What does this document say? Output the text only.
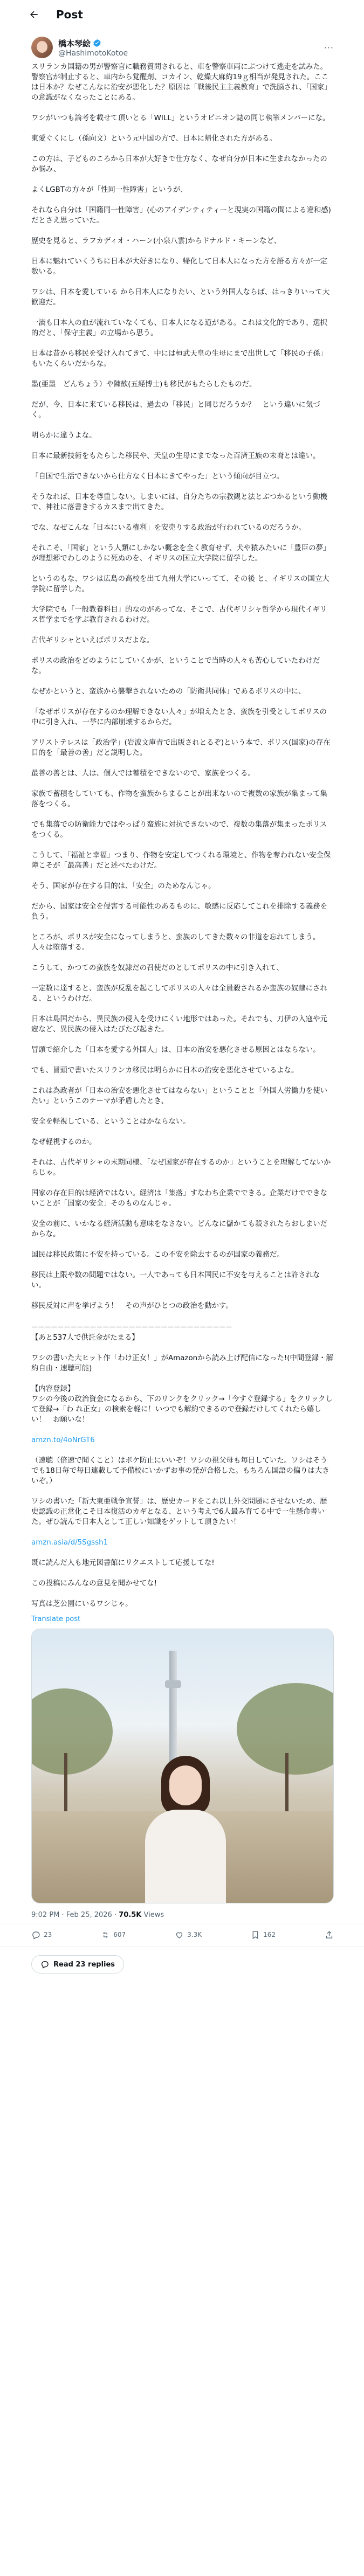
Post
橋本琴絵
@HashimotoKotoe
···
スリランカ国籍の男が警察官に職務質問されると、車を警察車両にぶつけて逃走を試みた。警察官が制止すると、車内から覚醒剤、コカイン、乾燥大麻約19ｇ相当が発見された。ここは日本か？なぜこんなに治安が悪化した？原因は「戦後民主主義教育」で洗脳され、「国家」の意識がなくなったことにある。
ワシがいつも論考を載せて頂いとる「WILL」というオピニオン誌の同じ執筆メンバーにな。
東愛ぐくにし（孫向文）という元中国の方で、日本に帰化された方がある。
この方は、子どものころから日本が大好きで仕方なく、なぜ自分が日本に生まれなかったのか悩み、
よくLGBTの方々が「性同一性障害」というが、
それなら自分は「国籍同一性障害」(心のアイデンティティーと現実の国籍の間による違和感)だとさえ思っていた。
歴史を見ると、ラフカディオ・ハーン(小泉八雲)からドナルド・キーンなど、
日本に魅れていくうちに日本が大好きになり、帰化して日本人になった方を語る方々が一定数いる。
ワシは、日本を愛している から日本人になりたい、という外国人ならば、はっきりいって大歓迎だ。
一滴も日本人の血が流れていなくても、日本人になる道がある。これは文化的であり、選択的だと、「保守主義」の立場から思う。
日本は昔から移民を受け入れてきて、中には桓武天皇の生母にまで出世して「移民の子孫」もいたくらいだからな。
墨(亜墨　どんちょう）や陳歓(五経博士)も移民がもたらしたものだ。
だが、今、日本に来ている移民は、過去の「移民」と同じだろうか？　という違いに気づく。
明らかに違うよな。
日本に最新技術をもたらした移民や、天皇の生母にまでなった百済王族の末裔とは違い。
「自国で生活できないから仕方なく日本にきてやった」という傾向が目立つ。
そうなれば、日本を尊重しない。しまいには、自分たちの宗教観と法とぶつかるという動機で、神社に落書きするカスまで出てきた。
でな、なぜこんな「日本にいる権利」を安売りする政治が行われているのだろうか。
それこそ、「国家」という人類にしかない概念を全く教育せず、犬や猿みたいに「豊臣の夢」が理想郷でわしのように死ぬのを、イギリスの国立大学院に留学した。
というのもな、ワシは広島の高校を出て九州大学にいってて、その後 と、イギリスの国立大学院に留学した。
大学院でも「一般教養科目」的なのがあってな、そこで、古代ギリシャ哲学から現代イギリス哲学までを学ぶ教育されるわけだ。
古代ギリシャといえばポリスだよな。
ポリスの政治をどのようにしていくかが、ということで当時の人々も苦心していたわけだな。
なぜかというと、蛮族から襲撃されないための「防衛共同体」であるポリスの中に、
「なぜポリスが存在するのか理解できない人々」が増えたとき、蛮族を引受としてポリスの中に引き入れ、一挙に内部崩壊するからだ。
アリストテレスは「政治学」(岩波文庫青で出版されとるぞ)という本で、ポリス(国家)の存在目的を「最善の善」だと説明した。
最善の善とは、人は、個人では蓄積をできないので、家族をつくる。
家族で蓄積をしていても、作物を蛮族からまることが出来ないので複数の家族が集まって集落をつくる。
でも集落での防衛能力ではやっぱり蛮族に対抗できないので、複数の集落が集まったポリスをつくる。
こうして、「福祉と幸福」つまり、作物を安定してつくれる環境と、作物を奪われない安全保障こそが「最高善」だと述べたわけだ。
そう、国家が存在する目的は、「安全」のためなんじゃ。
だから、国家は安全を侵害する可能性のあるものに、敏感に反応してこれを排除する義務を負う。
ところが、ポリスが安全になってしまうと、蛮族のしてきた数々の非道を忘れてしまう。人々は堕落する。
こうして、かつての蛮族を奴隷だの召使だのとしてポリスの中に引き入れて、
一定数に達すると、蛮族が反乱を起こしてポリスの人々は全員殺されるか蛮族の奴隷にされる、というわけだ。
日本は島国だから、異民族の侵入を受けにくい地形ではあった。それでも、刀伊の入寇や元寇など、異民族の侵入はたびたび起きた。
冒頭で紹介した「日本を愛する外国人」は、日本の治安を悪化させる原因とはならない。
でも、冒頭で書いたスリランカ移民は明らかに日本の治安を悪化させているよな。
これは為政者が「日本の治安を悪化させてはならない」ということと「外国人労働力を使いたい」というこのテーマが矛盾したとき、
安全を軽視している、ということはかならない。
なぜ軽視するのか。
それは、古代ギリシャの末期同様、「なぜ国家が存在するのか」ということを理解してないからじゃ。
国家の存在目的は経済ではない。経済は「集落」すなわち企業でできる。企業だけでできないことが「国家の安全」そのものなんじゃ。
安全の前に、いかなる経済活動も意味をなさない。どんなに儲かても殺されたらおしまいだからな。
国民は移民政策に不安を持っている。この不安を除去するのが国家の義務だ。
移民は上限や数の問題ではない。一人であっても日本国民に不安を与えることは許されない。
移民反対に声を挙げよう！　その声がひとつの政治を動かす。
－－－－－－－－－－－－－－－－－－－－－－－－－－－－－－－
【あと537人で供託金がたまる】
ワシの書いた大ヒット作「わけ正女！」がAmazonから読み上げ配信になった!(中間登録・解約自由・速聴可能)
【内容登録】
ワシの今後の政治資金になるから、下のリンクをクリック→「今すぐ登録する」をクリックして登録→「わ れ正女」の検索を軽に！いつでも解約できるので登録だけしてくれたら嬉しい！　お願いな！
amzn.to/4oNrGT6
（速聴（倍速で聞くこと）はボケ防止にいいぞ！ワシの視父母も毎日していた。ワシはそうでも18日毎で毎日連載して予備校にいかずお事の発が合格した。もちろん国語の偏りは大きいぞ。）
ワシの書いた「新大東亜戦争宣誓」は、歴史カードをこれ以上外交問題にさせないため、歴史認識の正常化こそ日本復活のカギとなる、という考えで6人最み育てる中で一生懸命書いた。ぜひ読んで日本人として正しい知識をゲットして頂きたい！
amzn.asia/d/5Sgssh1
既に読んだ人も地元図書館にリクエストして応援してな!
この投稿にみんなの意見を聞かせてな!
写真は芝公園にいるワシじゃ。
Translate post
9:02 PM · Feb 25, 2026 · 70.5K Views
23	607	3.3K	162
Read 23 replies
